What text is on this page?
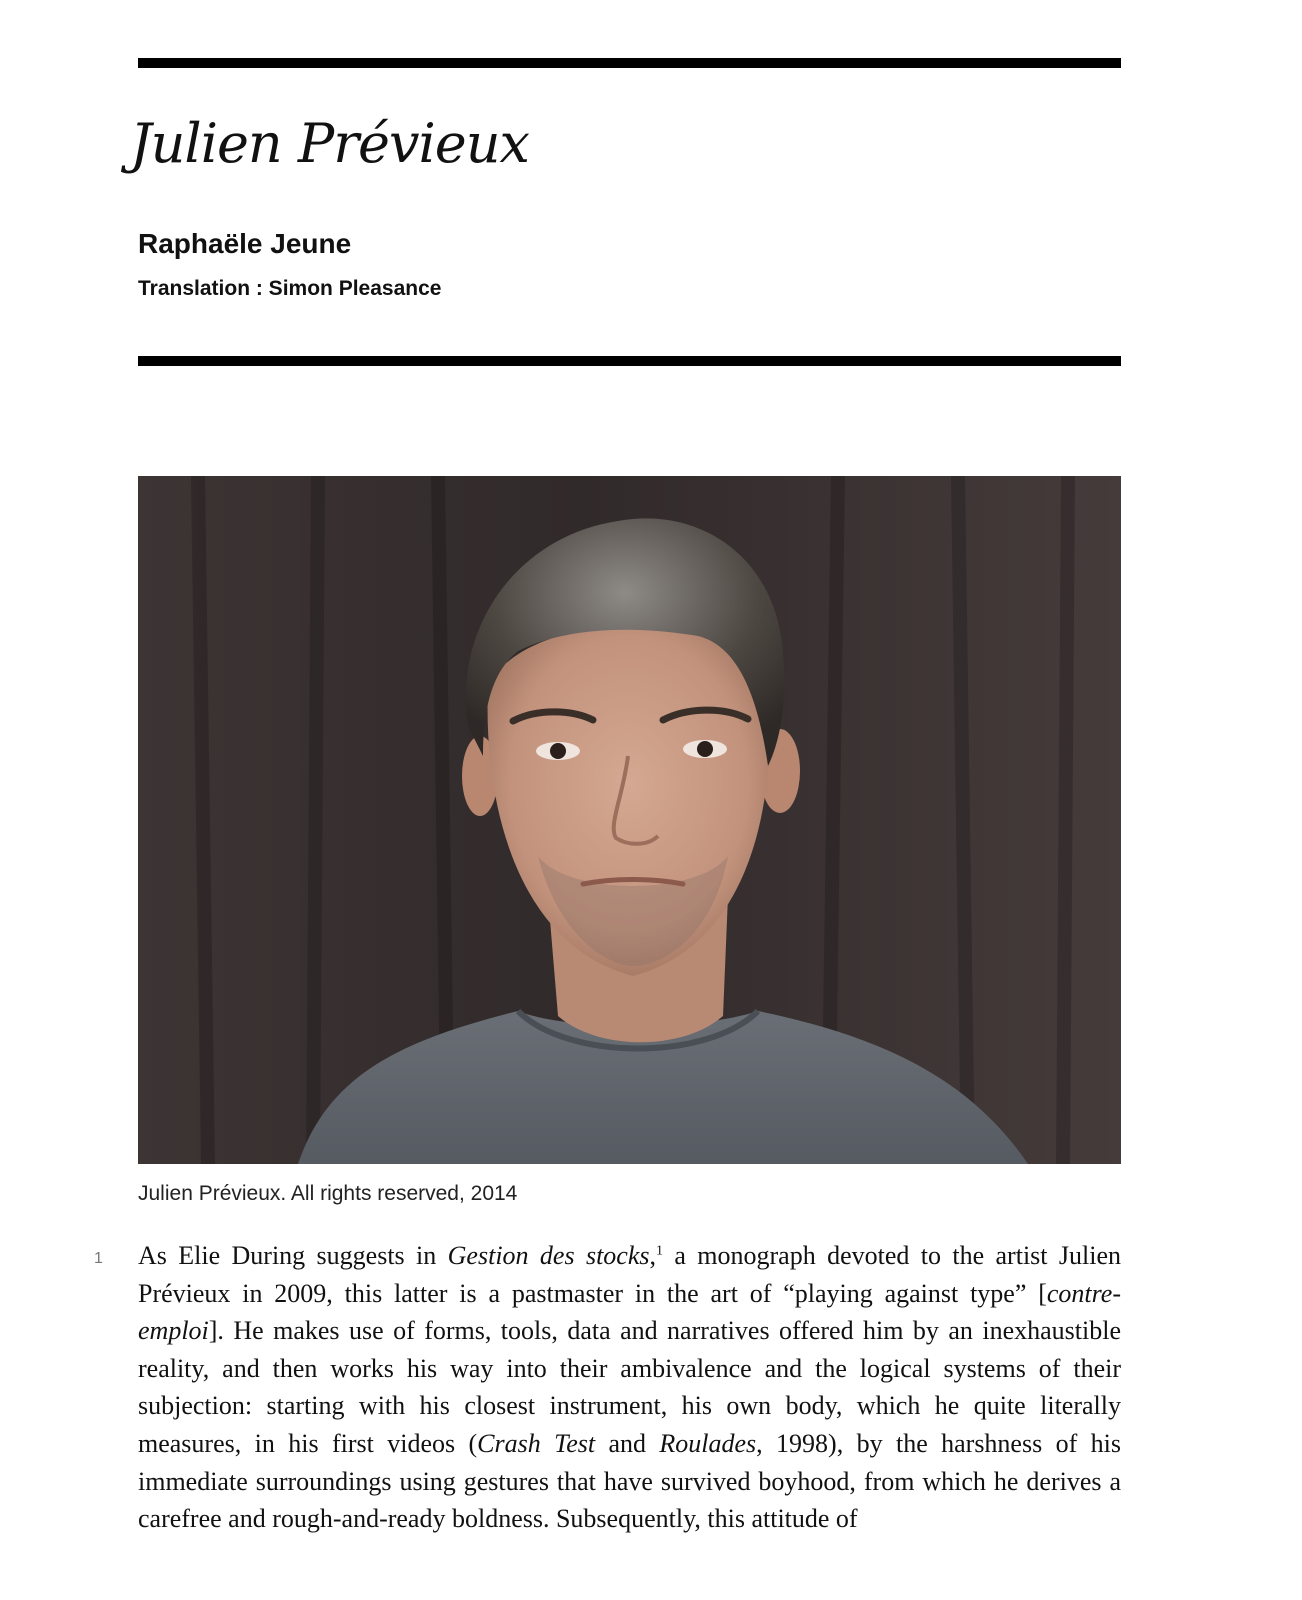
Julien Prévieux
Raphaële Jeune

Translation : Simon Pleasance

Julien Prévieux. All rights reserved, 2014

1 As Elie During suggests in Gestion des stocks,$^1$ a monograph devoted to the artist Julien Prévieux in 2009, this latter is a pastmaster in the art of “playing against type” [contre-emploi]. He makes use of forms, tools, data and narratives offered him by an inexhaustible reality, and then works his way into their ambivalence and the logical systems of their subjection: starting with his closest instrument, his own body, which he quite literally measures, in his first videos (Crash Test and Roulades, 1998), by the harshness of his immediate surroundings using gestures that have survived boyhood, from which he derives a carefree and rough-and-ready boldness. Subsequently, this attitude of
